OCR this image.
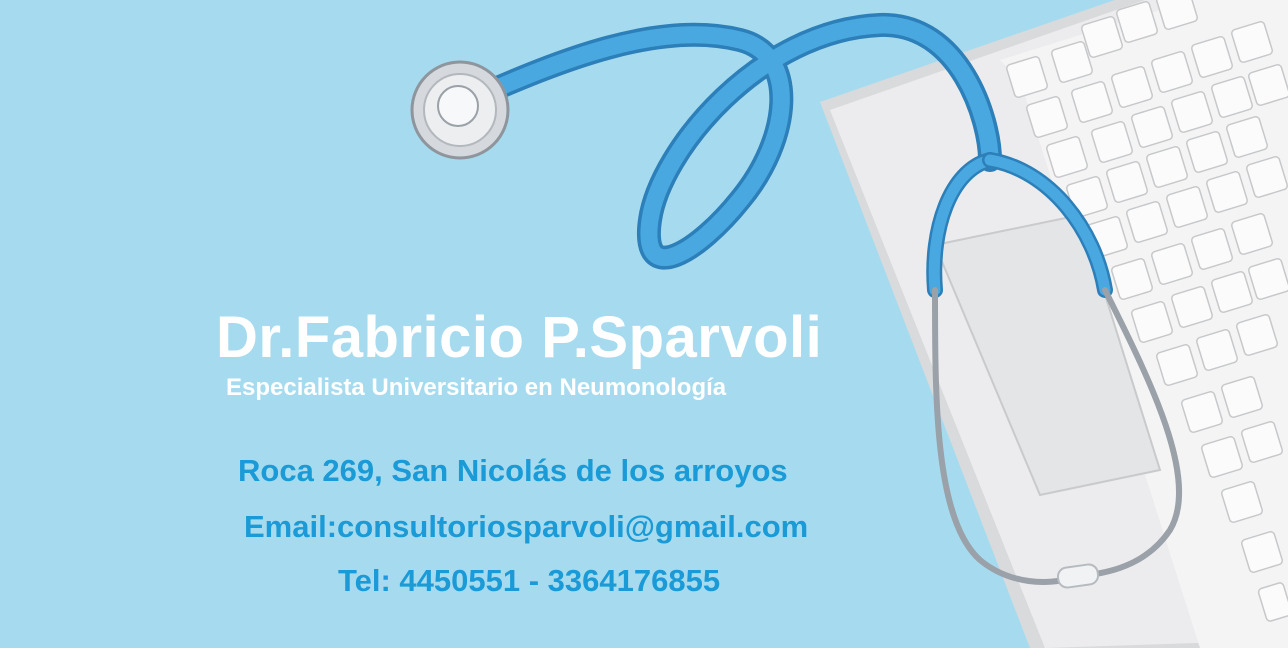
Dr.Fabricio P.Sparvoli
Especialista Universitario en Neumonología
Roca 269, San Nicolás de los arroyos
Email:consultoriosparvoli@gmail.com
Tel: 4450551 - 3364176855
